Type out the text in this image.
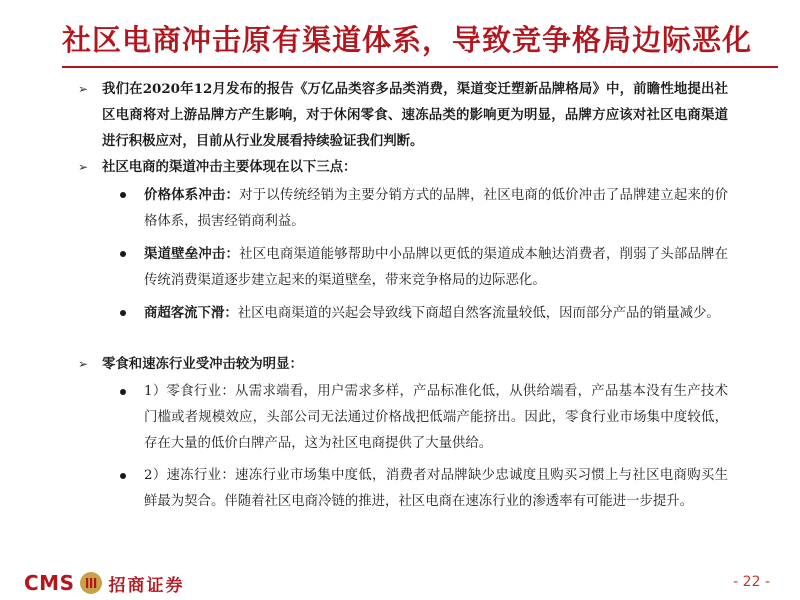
社区电商冲击原有渠道体系，导致竞争格局边际恶化
➢ 我们在2020年12月发布的报告《万亿品类容多品类消费，渠道变迁塑新品牌格局》中，前瞻性地提出社区电商将对上游品牌方产生影响，对于休闲零食、速冻品类的影响更为明显，品牌方应该对社区电商渠道进行积极应对，目前从行业发展看持续验证我们判断。
➢ 社区电商的渠道冲击主要体现在以下三点：
价格体系冲击：对于以传统经销为主要分销方式的品牌，社区电商的低价冲击了品牌建立起来的价格体系，损害经销商利益。
渠道壁垒冲击：社区电商渠道能够帮助中小品牌以更低的渠道成本触达消费者，削弱了头部品牌在传统消费渠道逐步建立起来的渠道壁垒，带来竞争格局的边际恶化。
商超客流下滑：社区电商渠道的兴起会导致线下商超自然客流量较低，因而部分产品的销量减少。
➢ 零食和速冻行业受冲击较为明显：
1）零食行业：从需求端看，用户需求多样，产品标准化低，从供给端看，产品基本没有生产技术门槛或者规模效应，头部公司无法通过价格战把低端产能挤出。因此，零食行业市场集中度较低，存在大量的低价白牌产品，这为社区电商提供了大量供给。
2）速冻行业：速冻行业市场集中度低，消费者对品牌缺少忠诚度且购买习惯上与社区电商购买生鲜最为契合。伴随着社区电商冷链的推进，社区电商在速冻行业的渗透率有可能进一步提升。
CMS 招商证券	- 22 -
